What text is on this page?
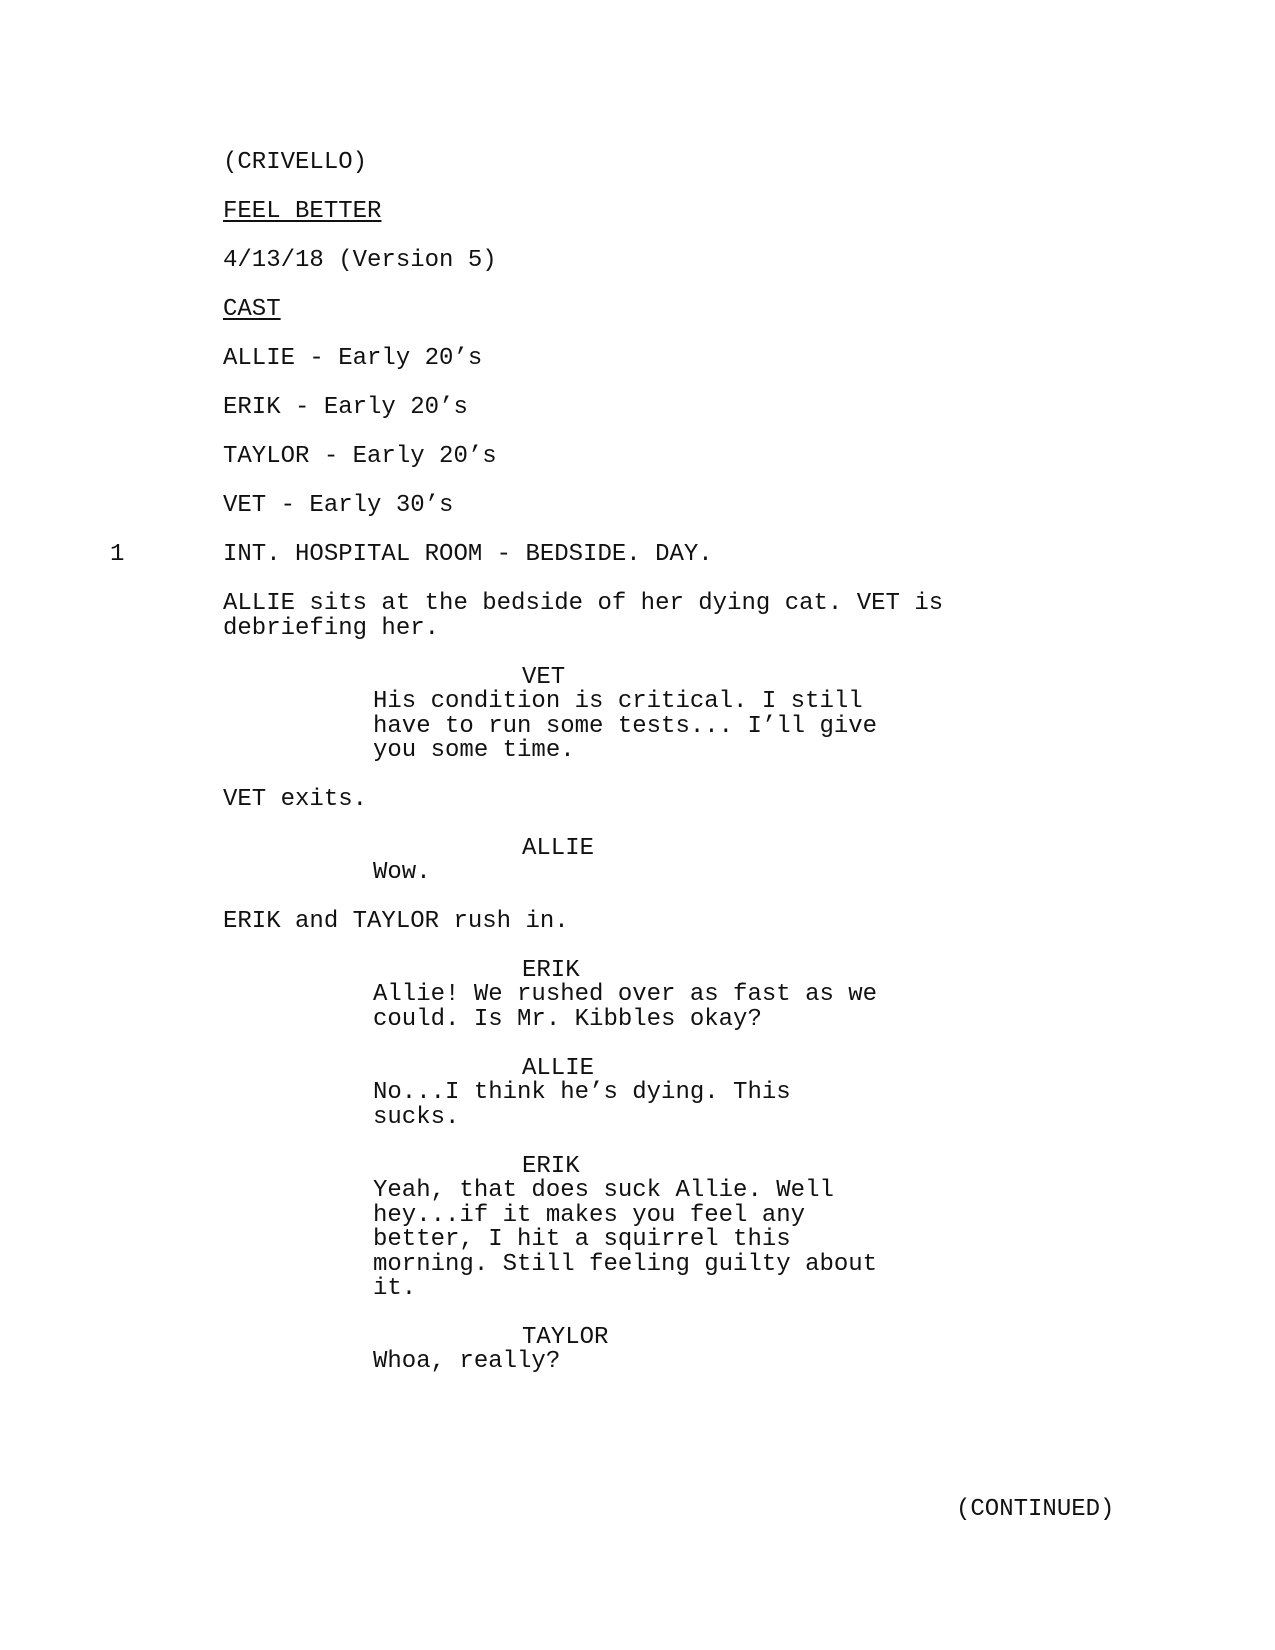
(CRIVELLO)
FEEL BETTER
4/13/18 (Version 5)
CAST
ALLIE - Early 20’s
ERIK - Early 20’s
TAYLOR - Early 20’s
VET - Early 30’s
1	INT. HOSPITAL ROOM - BEDSIDE. DAY.
ALLIE sits at the bedside of her dying cat. VET is
debriefing her.
VET
His condition is critical. I still
have to run some tests... I’ll give
you some time.
VET exits.
ALLIE
Wow.
ERIK and TAYLOR rush in.
ERIK
Allie! We rushed over as fast as we
could. Is Mr. Kibbles okay?
ALLIE
No...I think he’s dying. This
sucks.
ERIK
Yeah, that does suck Allie. Well
hey...if it makes you feel any
better, I hit a squirrel this
morning. Still feeling guilty about
it.
TAYLOR
Whoa, really?
(CONTINUED)
